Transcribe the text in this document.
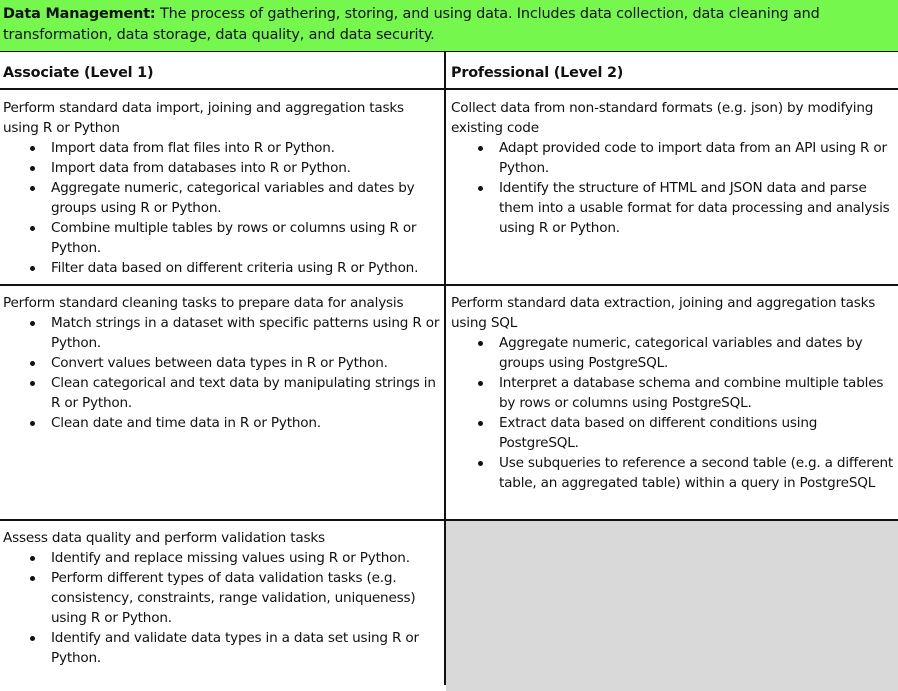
Data Management: The process of gathering, storing, and using data. Includes data collection, data cleaning and transformation, data storage, data quality, and data security.
Associate (Level 1)	Professional (Level 2)

Perform standard data import, joining and aggregation tasks using R or Python

Import data from flat files into R or Python.
Import data from databases into R or Python.
Aggregate numeric, categorical variables and dates by groups using R or Python.
Combine multiple tables by rows or columns using R or Python.
Filter data based on different criteria using R or Python.

Collect data from non-standard formats (e.g. json) by modifying existing code

Adapt provided code to import data from an API using R or Python.
Identify the structure of HTML and JSON data and parse them into a usable format for data processing and analysis using R or Python.

Perform standard cleaning tasks to prepare data for analysis

Match strings in a dataset with specific patterns using R or Python.
Convert values between data types in R or Python.
Clean categorical and text data by manipulating strings in R or Python.
Clean date and time data in R or Python.

Perform standard data extraction, joining and aggregation tasks using SQL

Aggregate numeric, categorical variables and dates by groups using PostgreSQL.
Interpret a database schema and combine multiple tables by rows or columns using PostgreSQL.
Extract data based on different conditions using PostgreSQL.
Use subqueries to reference a second table (e.g. a different table, an aggregated table) within a query in PostgreSQL

Assess data quality and perform validation tasks

Identify and replace missing values using R or Python.
Perform different types of data validation tasks (e.g. consistency, constraints, range validation, uniqueness) using R or Python.
Identify and validate data types in a data set using R or Python.
